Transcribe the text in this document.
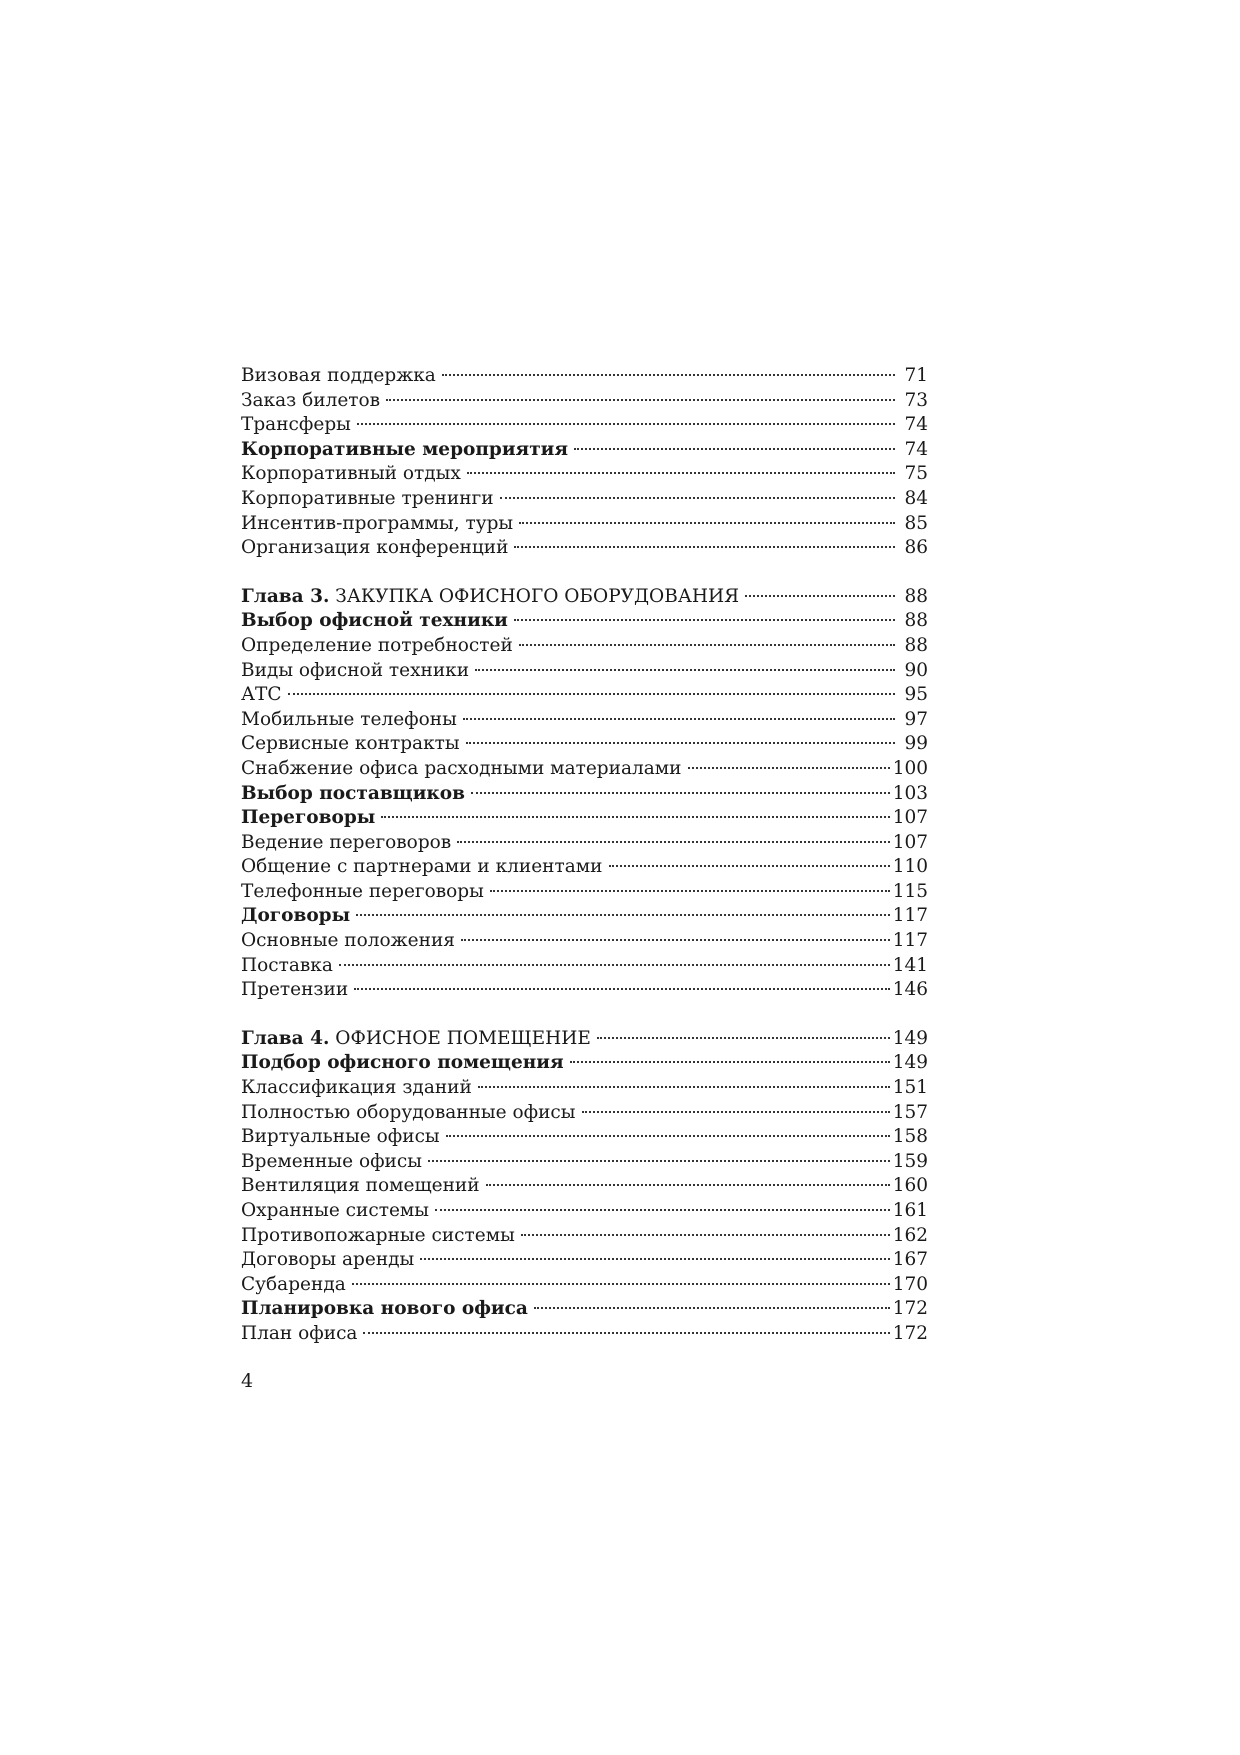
Визовая поддержка	71
Заказ билетов	73
Трансферы	74
Корпоративные мероприятия	74
Корпоративный отдых	75
Корпоративные тренинги	84
Инсентив-программы, туры	85
Организация конференций	86
Глава 3. ЗАКУПКА ОФИСНОГО ОБОРУДОВАНИЯ	88
Выбор офисной техники	88
Определение потребностей	88
Виды офисной техники	90
АТС	95
Мобильные телефоны	97
Сервисные контракты	99
Снабжение офиса расходными материалами	100
Выбор поставщиков	103
Переговоры	107
Ведение переговоров	107
Общение с партнерами и клиентами	110
Телефонные переговоры	115
Договоры	117
Основные положения	117
Поставка	141
Претензии	146
Глава 4. ОФИСНОЕ ПОМЕЩЕНИЕ	149
Подбор офисного помещения	149
Классификация зданий	151
Полностью оборудованные офисы	157
Виртуальные офисы	158
Временные офисы	159
Вентиляция помещений	160
Охранные системы	161
Противопожарные системы	162
Договоры аренды	167
Субаренда	170
Планировка нового офиса	172
План офиса	172
4
